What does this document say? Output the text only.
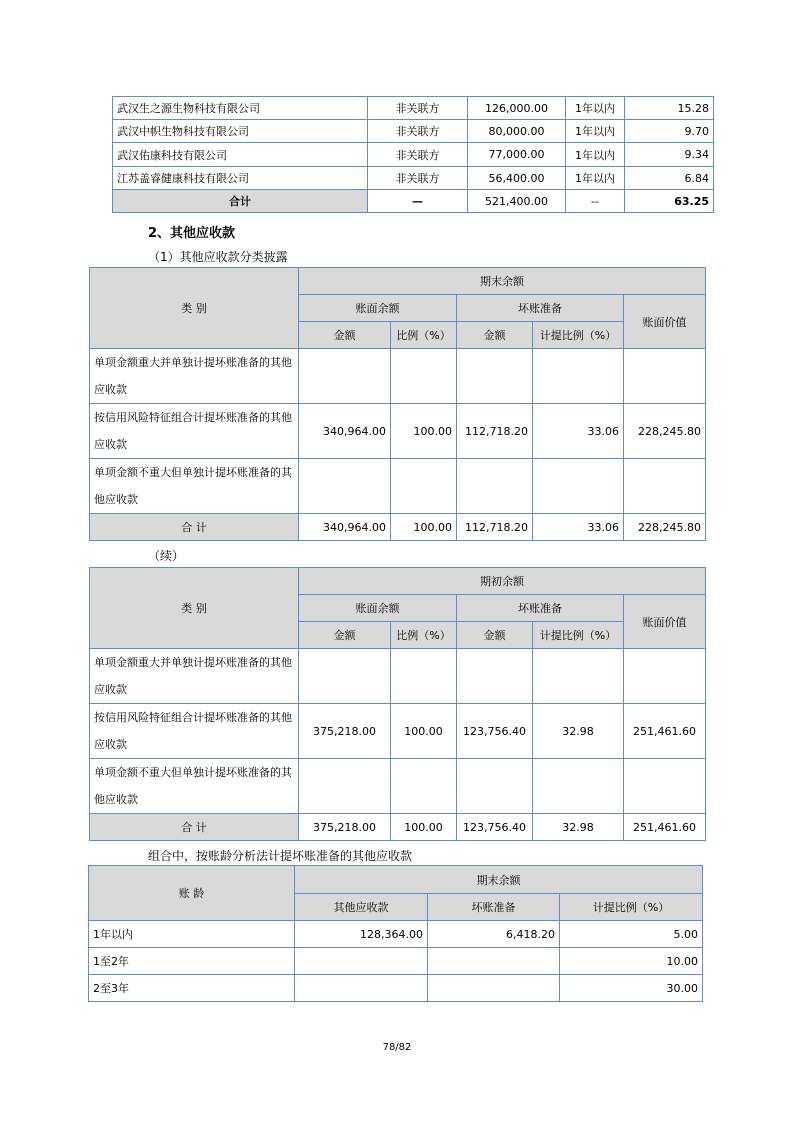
武汉生之源生物科技有限公司	非关联方	126,000.00	1年以内	15.28
武汉中帜生物科技有限公司	非关联方	80,000.00	1年以内	9.70
武汉佑康科技有限公司	非关联方	77,000.00	1年以内	9.34
江苏盖睿健康科技有限公司	非关联方	56,400.00	1年以内	6.84
合计	—	521,400.00	--	63.25
2、其他应收款
（1）其他应收款分类披露
类 别	期末余额				
	账面余额		坏账准备		账面价值
	金额	比例（%）	金额	计提比例（%）	
单项金额重大并单独计提坏账准备的其他应收款					
按信用风险特征组合计提坏账准备的其他应收款	340,964.00	100.00	112,718.20	33.06	228,245.80
单项金额不重大但单独计提坏账准备的其他应收款					
合 计	340,964.00	100.00	112,718.20	33.06	228,245.80
（续）
类 别	期初余额				
	账面余额		坏账准备		账面价值
	金额	比例（%）	金额	计提比例（%）	
单项金额重大并单独计提坏账准备的其他应收款					
按信用风险特征组合计提坏账准备的其他应收款	375,218.00	100.00	123,756.40	32.98	251,461.60
单项金额不重大但单独计提坏账准备的其他应收款					
合 计	375,218.00	100.00	123,756.40	32.98	251,461.60
组合中，按账龄分析法计提坏账准备的其他应收款
账 龄	期末余额		
	其他应收款	坏账准备	计提比例（%）
1年以内	128,364.00	6,418.20	5.00
1至2年			10.00
2至3年			30.00
78/82
